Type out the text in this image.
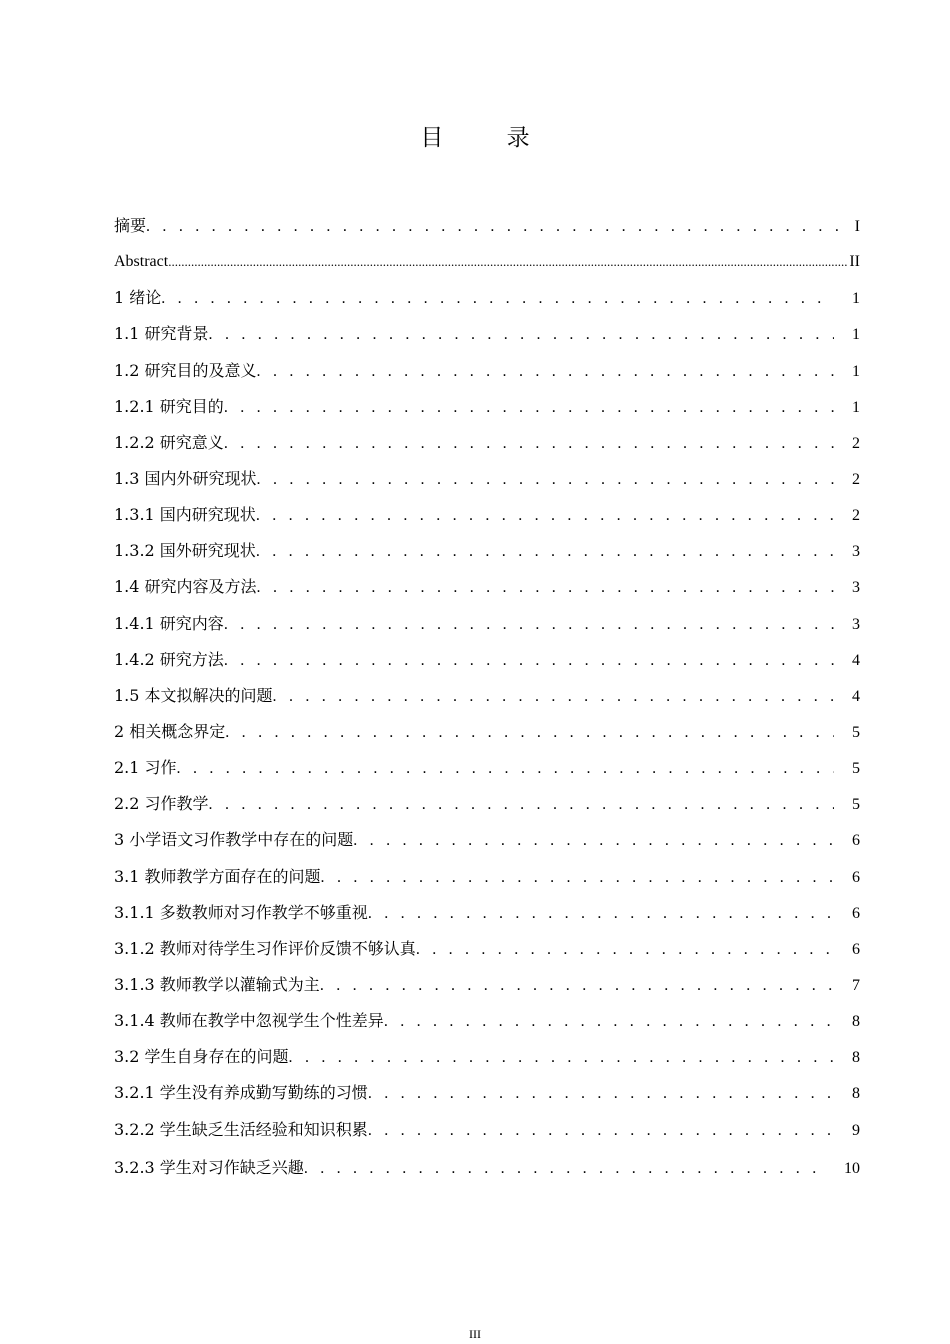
目 录
摘要 . . .	I
Abstract .....	II
1 绪论 . . .	1
1.1 研究背景 . . .	1
1.2 研究目的及意义 . . .	1
1.2.1 研究目的 . . .	1
1.2.2 研究意义 . . .	2
1.3 国内外研究现状 . . .	2
1.3.1 国内研究现状 . . .	2
1.3.2 国外研究现状 . . .	3
1.4 研究内容及方法 . . .	3
1.4.1 研究内容 . . .	3
1.4.2 研究方法 . . .	4
1.5 本文拟解决的问题 . . .	4
2 相关概念界定 . . .	5
2.1 习作 . . .	5
2.2 习作教学 . . .	5
3 小学语文习作教学中存在的问题 . . .	6
3.1 教师教学方面存在的问题 . . .	6
3.1.1 多数教师对习作教学不够重视 . . .	6
3.1.2 教师对待学生习作评价反馈不够认真 . . .	6
3.1.3 教师教学以灌输式为主 . . .	7
3.1.4 教师在教学中忽视学生个性差异 . . .	8
3.2 学生自身存在的问题 . . .	8
3.2.1 学生没有养成勤写勤练的习惯 . . .	8
3.2.2 学生缺乏生活经验和知识积累 . . .	9
3.2.3 学生对习作缺乏兴趣 . . .	10
III
